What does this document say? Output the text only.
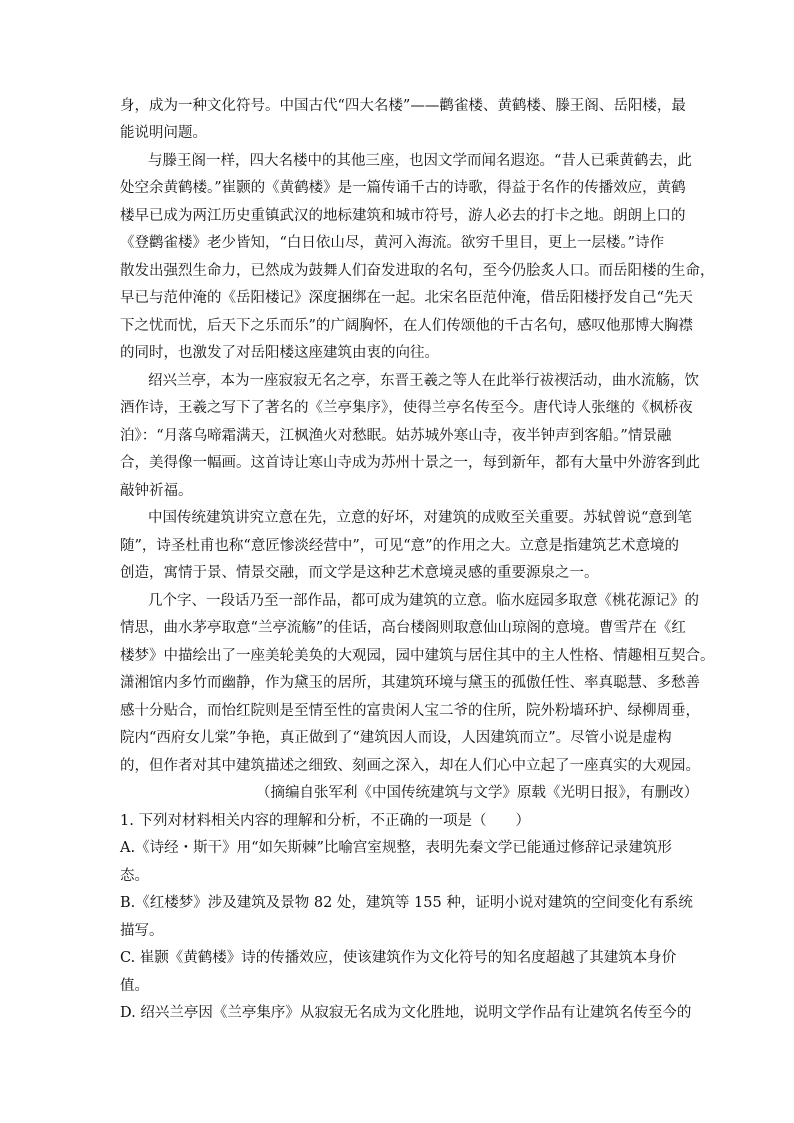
身，成为一种文化符号。中国古代“四大名楼”——鹳雀楼、黄鹤楼、滕王阁、岳阳楼，最
能说明问题。
与滕王阁一样，四大名楼中的其他三座，也因文学而闻名遐迩。“昔人已乘黄鹤去，此
处空余黄鹤楼。”崔颢的《黄鹤楼》是一篇传诵千古的诗歌，得益于名作的传播效应，黄鹤
楼早已成为两江历史重镇武汉的地标建筑和城市符号，游人必去的打卡之地。朗朗上口的
《登鹳雀楼》老少皆知，“白日依山尽，黄河入海流。欲穷千里目，更上一层楼。”诗作
散发出强烈生命力，已然成为鼓舞人们奋发进取的名句，至今仍脍炙人口。而岳阳楼的生命，
早已与范仲淹的《岳阳楼记》深度捆绑在一起。北宋名臣范仲淹，借岳阳楼抒发自己“先天
下之忧而忧，后天下之乐而乐”的广阔胸怀，在人们传颂他的千古名句，感叹他那博大胸襟
的同时，也激发了对岳阳楼这座建筑由衷的向往。
绍兴兰亭，本为一座寂寂无名之亭，东晋王羲之等人在此举行祓禊活动，曲水流觞，饮
酒作诗，王羲之写下了著名的《兰亭集序》，使得兰亭名传至今。唐代诗人张继的《枫桥夜
泊》：“月落乌啼霜满天，江枫渔火对愁眠。姑苏城外寒山寺，夜半钟声到客船。”情景融
合，美得像一幅画。这首诗让寒山寺成为苏州十景之一，每到新年，都有大量中外游客到此
敲钟祈福。
中国传统建筑讲究立意在先，立意的好坏，对建筑的成败至关重要。苏轼曾说“意到笔
随”，诗圣杜甫也称“意匠惨淡经营中”，可见“意”的作用之大。立意是指建筑艺术意境的
创造，寓情于景、情景交融，而文学是这种艺术意境灵感的重要源泉之一。
几个字、一段话乃至一部作品，都可成为建筑的立意。临水庭园多取意《桃花源记》的
情思，曲水茅亭取意“兰亭流觞”的佳话，高台楼阁则取意仙山琼阁的意境。曹雪芹在《红
楼梦》中描绘出了一座美轮美奂的大观园，园中建筑与居住其中的主人性格、情趣相互契合。
潇湘馆内多竹而幽静，作为黛玉的居所，其建筑环境与黛玉的孤傲任性、率真聪慧、多愁善
感十分贴合，而怡红院则是至情至性的富贵闲人宝二爷的住所，院外粉墙环护、绿柳周垂，
院内“西府女儿棠”争艳，真正做到了“建筑因人而设，人因建筑而立”。尽管小说是虚构
的，但作者对其中建筑描述之细致、刻画之深入，却在人们心中立起了一座真实的大观园。
（摘编自张军利《中国传统建筑与文学》原载《光明日报》，有删改）
1. 下列对材料相关内容的理解和分析，不正确的一项是（　　）
A.《诗经・斯干》用“如矢斯棘”比喻宫室规整，表明先秦文学已能通过修辞记录建筑形
态。
B.《红楼梦》涉及建筑及景物 82 处，建筑等 155 种，证明小说对建筑的空间变化有系统
描写。
C. 崔颢《黄鹤楼》诗的传播效应，使该建筑作为文化符号的知名度超越了其建筑本身价
值。
D. 绍兴兰亭因《兰亭集序》从寂寂无名成为文化胜地，说明文学作品有让建筑名传至今的
